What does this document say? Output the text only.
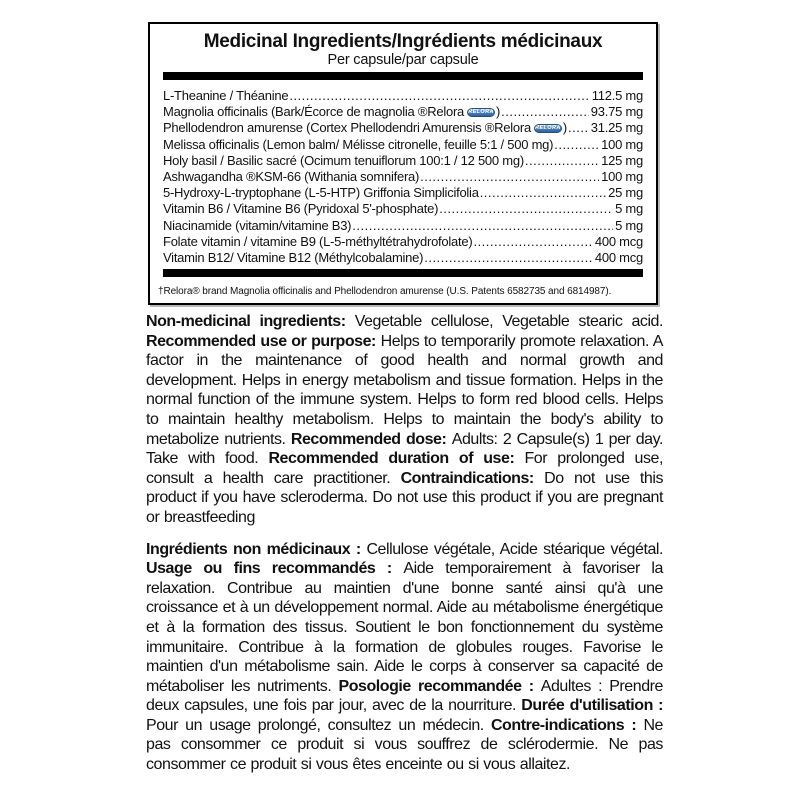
Medicinal Ingredients/Ingrédients médicinaux
Per capsule/par capsule
L-Theanine / Théanine .....	112.5 mg
Magnolia officinalis (Bark/Écorce de magnolia ®Relora RELORA ) .....	93.75 mg
Phellodendron amurense (Cortex Phellodendri Amurensis ®Relora RELORA ) ..... 31.25 mg
Melissa officinalis (Lemon balm/ Mélisse citronelle, feuille 5:1 / 500 mg) .....	100 mg
Holy basil / Basilic sacré (Ocimum tenuiflorum 100:1 / 12 500 mg) .....	125 mg
Ashwagandha ®KSM-66 (Withania somnifera) .....	100 mg
5-Hydroxy-L-tryptophane (L-5-HTP) Griffonia Simplicifolia .....	25 mg
Vitamin B6 / Vitamine B6 (Pyridoxal 5'-phosphate) .....	5 mg
Niacinamide (vitamin/vitamine B3) .....	5 mg
Folate vitamin / vitamine B9 (L-5-méthyltétrahydrofolate) .....	400 mcg
Vitamin B12/ Vitamine B12 (Méthylcobalamine) .....	400 mcg
†Relora® brand Magnolia officinalis and Phellodendron amurense (U.S. Patents 6582735 and 6814987).

Non-medicinal ingredients: Vegetable cellulose, Vegetable stearic acid. Recommended use or purpose: Helps to temporarily promote relaxation. A factor in the maintenance of good health and normal growth and development. Helps in energy metabolism and tissue formation. Helps in the normal function of the immune system. Helps to form red blood cells. Helps to maintain healthy metabolism. Helps to maintain the body's ability to metabolize nutrients. Recommended dose: Adults: 2 Capsule(s) 1 per day. Take with food. Recommended duration of use: For prolonged use, consult a health care practitioner. Contraindications: Do not use this product if you have scleroderma. Do not use this product if you are pregnant or breastfeeding

Ingrédients non médicinaux : Cellulose végétale, Acide stéarique végétal. Usage ou fins recommandés : Aide temporairement à favoriser la relaxation. Contribue au maintien d'une bonne santé ainsi qu'à une croissance et à un développement normal. Aide au métabolisme énergétique et à la formation des tissus. Soutient le bon fonctionnement du système immunitaire. Contribue à la formation de globules rouges. Favorise le maintien d'un métabolisme sain. Aide le corps à conserver sa capacité de métaboliser les nutriments. Posologie recommandée : Adultes : Prendre deux capsules, une fois par jour, avec de la nourriture. Durée d'utilisation : Pour un usage prolongé, consultez un médecin. Contre-indications : Ne pas consommer ce produit si vous souffrez de sclérodermie. Ne pas consommer ce produit si vous êtes enceinte ou si vous allaitez.
